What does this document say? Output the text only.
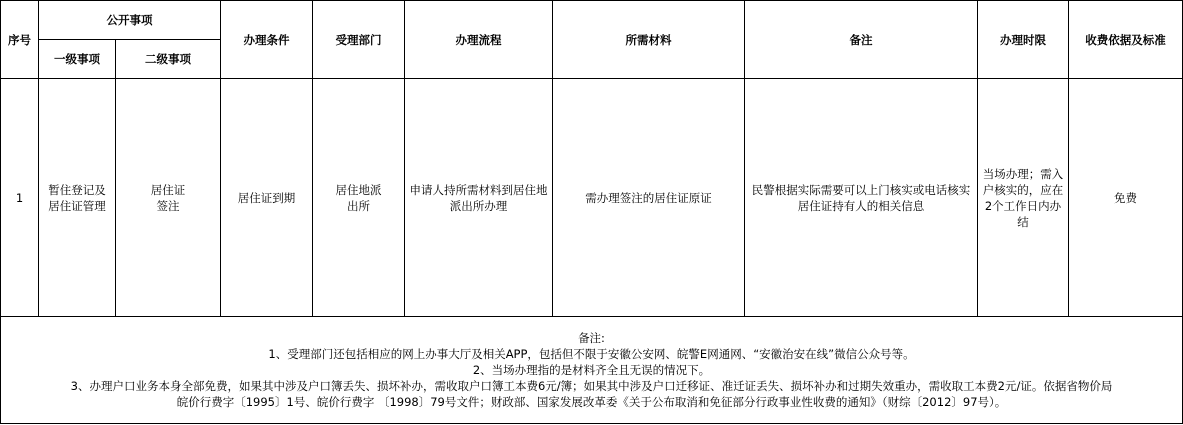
序号	公开事项		办理条件	受理部门	办理流程	所需材料	备注	办理时限	收费依据及标准
	一级事项	二级事项							
1	暂住登记及居住证管理	居住证签注	居住证到期	居住地派出所	申请人持所需材料到居住地派出所办理	需办理签注的居住证原证	民警根据实际需要可以上门核实或电话核实居住证持有人的相关信息	当场办理；需入户核实的，应在2个工作日内办结	免费

备注:
1、受理部门还包括相应的网上办事大厅及相关APP，包括但不限于安徽公安网、皖警E网通网、“安徽治安在线”微信公众号等。
2、当场办理指的是材料齐全且无误的情况下。
3、办理户口业务本身全部免费，如果其中涉及户口簿丢失、损坏补办，需收取户口簿工本费6元/簿；如果其中涉及户口迁移证、准迁证丢失、损坏补办和过期失效重办，需收取工本费2元/证。依据省物价局
皖价行费字〔1995〕1号、皖价行费字 〔1998〕79号文件；财政部、国家发展改革委《关于公布取消和免征部分行政事业性收费的通知》（财综〔2012〕97号）。									
